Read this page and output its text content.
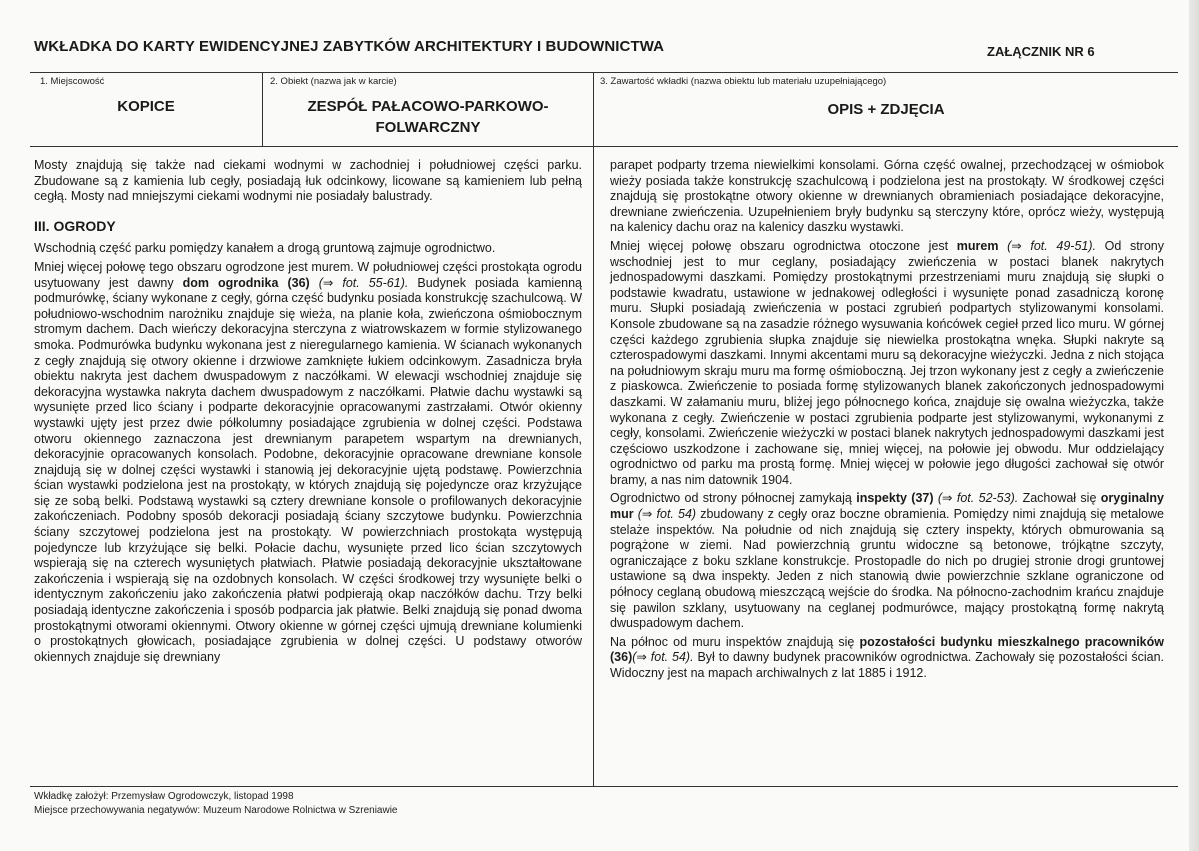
WKŁADKA DO KARTY EWIDENCYJNEJ ZABYTKÓW ARCHITEKTURY I BUDOWNICTWA	ZAŁĄCZNIK NR 6
1. Miejscowość
KOPICE
2. Obiekt (nazwa jak w karcie)
ZESPÓŁ PAŁACOWO-PARKOWO-FOLWARCZNY
3. Zawartość wkładki (nazwa obiektu lub materiału uzupełniającego)
OPIS + ZDJĘCIA

Mosty znajdują się także nad ciekami wodnymi w zachodniej i południowej części parku. Zbudowane są z kamienia lub cegły, posiadają łuk odcinkowy, licowane są kamieniem lub pełną cegłą. Mosty nad mniejszymi ciekami wodnymi nie posiadały balustrady.

III. OGRODY

Wschodnią część parku pomiędzy kanałem a drogą gruntową zajmuje ogrodnictwo.

Mniej więcej połowę tego obszaru ogrodzone jest murem. W południowej części prostokąta ogrodu usytuowany jest dawny dom ogrodnika (36) (⇒ fot. 55-61). Budynek posiada kamienną podmurówkę, ściany wykonane z cegły, górna część budynku posiada konstrukcję szachulcową. W południowo-wschodnim narożniku znajduje się wieża, na planie koła, zwieńczona ośmiobocznym stromym dachem. Dach wieńczy dekoracyjna sterczyna z wiatrowskazem w formie stylizowanego smoka. Podmurówka budynku wykonana jest z nieregularnego kamienia. W ścianach wykonanych z cegły znajdują się otwory okienne i drzwiowe zamknięte łukiem odcinkowym. Zasadnicza bryła obiektu nakryta jest dachem dwuspadowym z naczółkami. W elewacji wschodniej znajduje się dekoracyjna wystawka nakryta dachem dwuspadowym z naczółkami. Płatwie dachu wystawki są wysunięte przed lico ściany i podparte dekoracyjnie opracowanymi zastrzałami. Otwór okienny wystawki ujęty jest przez dwie półkolumny posiadające zgrubienia w dolnej części. Podstawa otworu okiennego zaznaczona jest drewnianym parapetem wspartym na drewnianych, dekoracyjnie opracowanych konsolach. Podobne, dekoracyjnie opracowane drewniane konsole znajdują się w dolnej części wystawki i stanowią jej dekoracyjnie ujętą podstawę. Powierzchnia ścian wystawki podzielona jest na prostokąty, w których znajdują się pojedyncze oraz krzyżujące się ze sobą belki. Podstawą wystawki są cztery drewniane konsole o profilowanych dekoracyjnie zakończeniach. Podobny sposób dekoracji posiadają ściany szczytowe budynku. Powierzchnia ściany szczytowej podzielona jest na prostokąty. W powierzchniach prostokąta występują pojedyncze lub krzyżujące się belki. Połacie dachu, wysunięte przed lico ścian szczytowych wspierają się na czterech wysuniętych płatwiach. Płatwie posiadają dekoracyjnie ukształtowane zakończenia i wspierają się na ozdobnych konsolach. W części środkowej trzy wysunięte belki o identycznym zakończeniu jako zakończenia płatwi podpierają okap naczółków dachu. Trzy belki posiadają identyczne zakończenia i sposób podparcia jak płatwie. Belki znajdują się ponad dwoma prostokątnymi otworami okiennymi. Otwory okienne w górnej części ujmują drewniane kolumienki o prostokątnych głowicach, posiadające zgrubienia w dolnej części. U podstawy otworów okiennych znajduje się drewniany

parapet podparty trzema niewielkimi konsolami. Górna część owalnej, przechodzącej w ośmiobok wieży posiada także konstrukcję szachulcową i podzielona jest na prostokąty. W środkowej części znajdują się prostokątne otwory okienne w drewnianych obramieniach posiadające dekoracyjne, drewniane zwieńczenia. Uzupełnieniem bryły budynku są sterczyny które, oprócz wieży, występują na kalenicy dachu oraz na kalenicy daszku wystawki.

Mniej więcej połowę obszaru ogrodnictwa otoczone jest murem (⇒ fot. 49-51). Od strony wschodniej jest to mur ceglany, posiadający zwieńczenia w postaci blanek nakrytych jednospadowymi daszkami. Pomiędzy prostokątnymi przestrzeniami muru znajdują się słupki o podstawie kwadratu, ustawione w jednakowej odległości i wysunięte ponad zasadniczą koronę muru. Słupki posiadają zwieńczenia w postaci zgrubień podpartych stylizowanymi konsolami. Konsole zbudowane są na zasadzie różnego wysuwania końcówek cegieł przed lico muru. W górnej części każdego zgrubienia słupka znajduje się niewielka prostokątna wnęka. Słupki nakryte są czterospadowymi daszkami. Innymi akcentami muru są dekoracyjne wieżyczki. Jedna z nich stojąca na południowym skraju muru ma formę ośmioboczną. Jej trzon wykonany jest z cegły a zwieńczenie z piaskowca. Zwieńczenie to posiada formę stylizowanych blanek zakończonych jednospadowymi daszkami. W załamaniu muru, bliżej jego północnego końca, znajduje się owalna wieżyczka, także wykonana z cegły. Zwieńczenie w postaci zgrubienia podparte jest stylizowanymi, wykonanymi z cegły, konsolami. Zwieńczenie wieżyczki w postaci blanek nakrytych jednospadowymi daszkami jest częściowo uszkodzone i zachowane się, mniej więcej, na połowie jej obwodu. Mur oddzielający ogrodnictwo od parku ma prostą formę. Mniej więcej w połowie jego długości zachował się otwór bramy, a nas nim datownik 1904.

Ogrodnictwo od strony północnej zamykają inspekty (37) (⇒ fot. 52-53). Zachował się oryginalny mur (⇒ fot. 54) zbudowany z cegły oraz boczne obramienia. Pomiędzy nimi znajdują się metalowe stelaże inspektów. Na południe od nich znajdują się cztery inspekty, których obmurowania są pogrążone w ziemi. Nad powierzchnią gruntu widoczne są betonowe, trójkątne szczyty, ograniczające z boku szklane konstrukcje. Prostopadle do nich po drugiej stronie drogi gruntowej ustawione są dwa inspekty. Jeden z nich stanowią dwie powierzchnie szklane ograniczone od północy ceglaną obudową mieszczącą wejście do środka. Na północno-zachodnim krańcu znajduje się pawilon szklany, usytuowany na ceglanej podmurówce, mający prostokątną formę nakrytą dwuspadowym dachem.

Na północ od muru inspektów znajdują się pozostałości budynku mieszkalnego pracowników (36)(⇒ fot. 54). Był to dawny budynek pracowników ogrodnictwa. Zachowały się pozostałości ścian. Widoczny jest na mapach archiwalnych z lat 1885 i 1912.

Wkładkę założył: Przemysław Ogrodowczyk, listopad 1998
Miejsce przechowywania negatywów: Muzeum Narodowe Rolnictwa w Szreniawie
